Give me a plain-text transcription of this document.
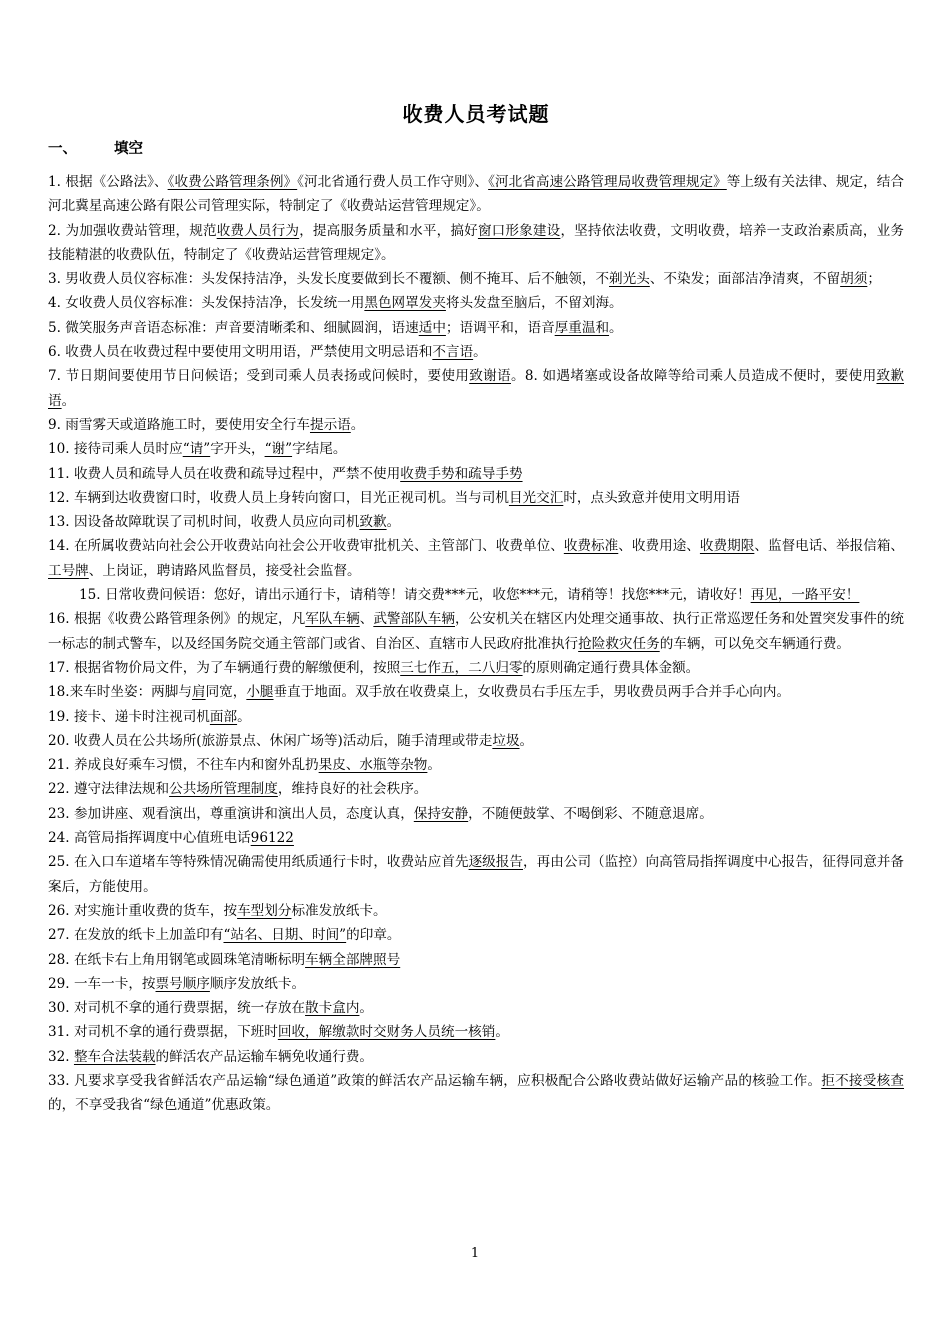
收费人员考试题
一、	填空

1. 根据《公路法》、《收费公路管理条例》《河北省通行费人员工作守则》、《河北省高速公路管理局收费管理规定》等上级有关法律、规定，结合河北冀星高速公路有限公司管理实际，特制定了《收费站运营管理规定》。

2. 为加强收费站管理，规范收费人员行为，提高服务质量和水平，搞好窗口形象建设，坚持依法收费，文明收费，培养一支政治素质高，业务技能精湛的收费队伍，特制定了《收费站运营管理规定》。

3. 男收费人员仪容标准：头发保持洁净，头发长度要做到长不覆额、侧不掩耳、后不触领，不剃光头、不染发；面部洁净清爽，不留胡须；

4. 女收费人员仪容标准：头发保持洁净，长发统一用黑色网罩发夹将头发盘至脑后，不留刘海。

5. 微笑服务声音语态标准：声音要清晰柔和、细腻圆润，语速适中；语调平和，语音厚重温和。

6. 收费人员在收费过程中要使用文明用语，严禁使用文明忌语和不言语。

7. 节日期间要使用节日问候语；受到司乘人员表扬或问候时，要使用致谢语。8. 如遇堵塞或设备故障等给司乘人员造成不便时，要使用致歉语。

9. 雨雪雾天或道路施工时，要使用安全行车提示语。

10. 接待司乘人员时应“请”字开头，“谢”字结尾。

11. 收费人员和疏导人员在收费和疏导过程中，严禁不使用收费手势和疏导手势

12. 车辆到达收费窗口时，收费人员上身转向窗口，目光正视司机。当与司机目光交汇时，点头致意并使用文明用语

13. 因设备故障耽误了司机时间，收费人员应向司机致歉。

14. 在所属收费站向社会公开收费站向社会公开收费审批机关、主管部门、收费单位、收费标准、收费用途、收费期限、监督电话、举报信箱、工号牌、上岗证，聘请路风监督员，接受社会监督。

15. 日常收费问候语：您好，请出示通行卡，请稍等！请交费***元，收您***元，请稍等！找您***元，请收好！再见，一路平安！

16. 根据《收费公路管理条例》的规定，凡军队车辆、武警部队车辆，公安机关在辖区内处理交通事故、执行正常巡逻任务和处置突发事件的统一标志的制式警车，以及经国务院交通主管部门或省、自治区、直辖市人民政府批准执行抢险救灾任务的车辆，可以免交车辆通行费。

17. 根据省物价局文件，为了车辆通行费的解缴便利，按照三七作五，二八归零的原则确定通行费具体金额。

18.来车时坐姿：两脚与肩同宽，小腿垂直于地面。双手放在收费桌上，女收费员右手压左手，男收费员两手合并手心向内。

19. 接卡、递卡时注视司机面部。

20. 收费人员在公共场所(旅游景点、休闲广场等)活动后，随手清理或带走垃圾。

21. 养成良好乘车习惯，不往车内和窗外乱扔果皮、水瓶等杂物。

22. 遵守法律法规和公共场所管理制度，维持良好的社会秩序。

23. 参加讲座、观看演出，尊重演讲和演出人员，态度认真，保持安静，不随便鼓掌、不喝倒彩、不随意退席。

24. 高管局指挥调度中心值班电话96122

25. 在入口车道堵车等特殊情况确需使用纸质通行卡时，收费站应首先逐级报告，再由公司（监控）向高管局指挥调度中心报告，征得同意并备案后，方能使用。

26. 对实施计重收费的货车，按车型划分标准发放纸卡。

27. 在发放的纸卡上加盖印有“站名、日期、时间”的印章。

28. 在纸卡右上角用钢笔或圆珠笔清晰标明车辆全部牌照号

29. 一车一卡，按票号顺序顺序发放纸卡。

30. 对司机不拿的通行费票据，统一存放在散卡盒内。

31. 对司机不拿的通行费票据，下班时回收，解缴款时交财务人员统一核销。

32. 整车合法装载的鲜活农产品运输车辆免收通行费。

33. 凡要求享受我省鲜活农产品运输“绿色通道”政策的鲜活农产品运输车辆，应积极配合公路收费站做好运输产品的核验工作。拒不接受核查的，不享受我省“绿色通道”优惠政策。

1
